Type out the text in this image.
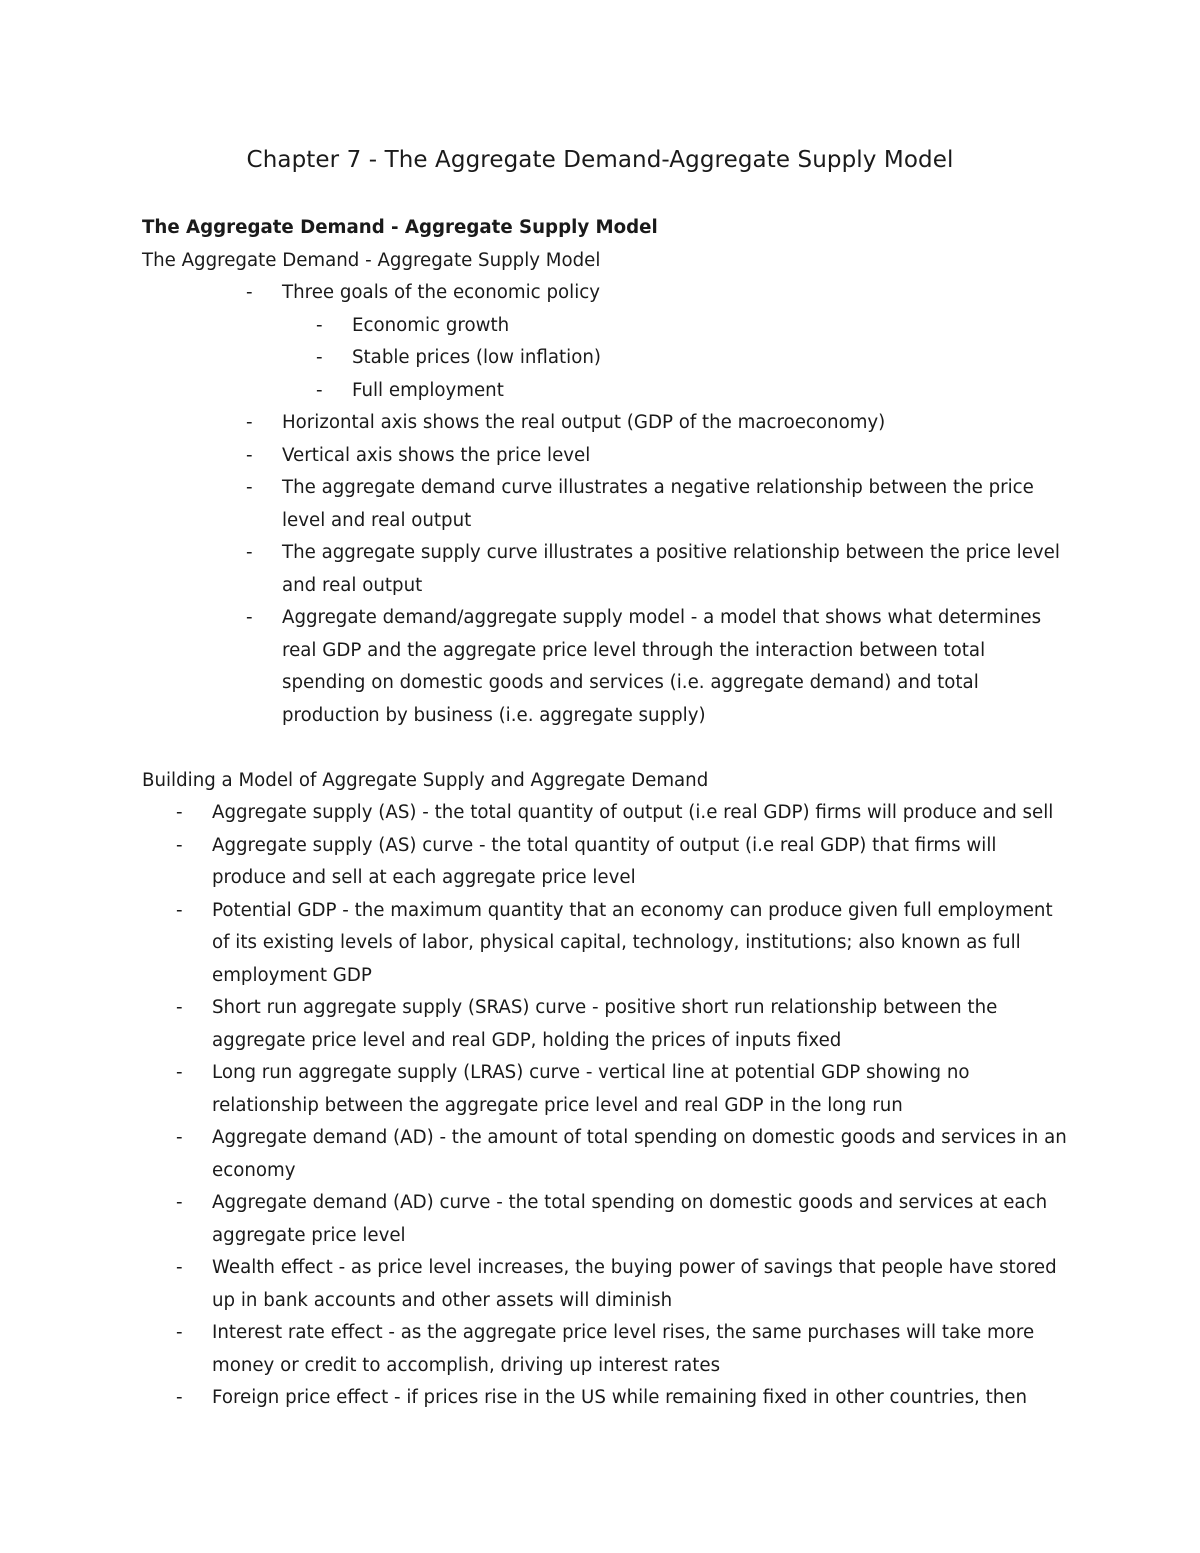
Chapter 7 - The Aggregate Demand-Aggregate Supply Model

The Aggregate Demand - Aggregate Supply Model

The Aggregate Demand - Aggregate Supply Model

- Three goals of the economic policy
- Economic growth
- Stable prices (low inflation)
- Full employment
- Horizontal axis shows the real output (GDP of the macroeconomy)
- Vertical axis shows the price level
- The aggregate demand curve illustrates a negative relationship between the price level and real output
- The aggregate supply curve illustrates a positive relationship between the price level and real output
- Aggregate demand/aggregate supply model - a model that shows what determines real GDP and the aggregate price level through the interaction between total spending on domestic goods and services (i.e. aggregate demand) and total production by business (i.e. aggregate supply)

Building a Model of Aggregate Supply and Aggregate Demand

- Aggregate supply (AS) - the total quantity of output (i.e real GDP) firms will produce and sell
- Aggregate supply (AS) curve - the total quantity of output (i.e real GDP) that firms will produce and sell at each aggregate price level
- Potential GDP - the maximum quantity that an economy can produce given full employment of its existing levels of labor, physical capital, technology, institutions; also known as full employment GDP
- Short run aggregate supply (SRAS) curve - positive short run relationship between the aggregate price level and real GDP, holding the prices of inputs fixed
- Long run aggregate supply (LRAS) curve - vertical line at potential GDP showing no relationship between the aggregate price level and real GDP in the long run
- Aggregate demand (AD) - the amount of total spending on domestic goods and services in an economy
- Aggregate demand (AD) curve - the total spending on domestic goods and services at each aggregate price level
- Wealth effect - as price level increases, the buying power of savings that people have stored up in bank accounts and other assets will diminish
- Interest rate effect - as the aggregate price level rises, the same purchases will take more money or credit to accomplish, driving up interest rates
- Foreign price effect - if prices rise in the US while remaining fixed in other countries, then
